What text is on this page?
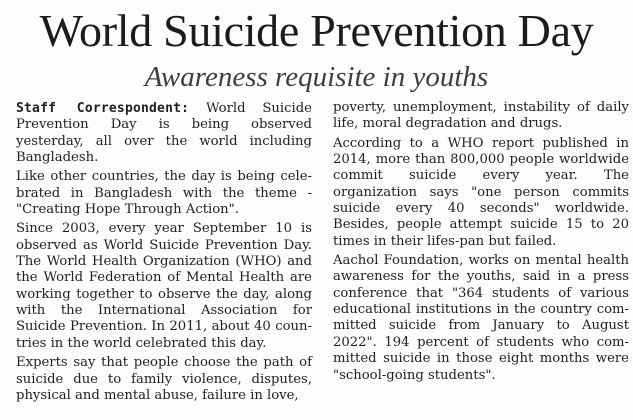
World Suicide Prevention Day
Awareness requisite in youths

Staff Correspondent: World Suicide Prevention Day is being observed yesterday, all over the world including Bangladesh.

Like other countries, the day is being cele-brated in Bangladesh with the theme - "Creating Hope Through Action".

Since 2003, every year September 10 is observed as World Suicide Prevention Day. The World Health Organization (WHO) and the World Federation of Mental Health are working together to observe the day, along with the International Association for Suicide Prevention. In 2011, about 40 coun-tries in the world celebrated this day.

Experts say that people choose the path of suicide due to family violence, disputes, physical and mental abuse, failure in love,

poverty, unemployment, instability of daily life, moral degradation and drugs.

According to a WHO report published in 2014, more than 800,000 people worldwide commit suicide every year. The organization says "one person commits suicide every 40 seconds" worldwide. Besides, people attempt suicide 15 to 20 times in their lifes-pan but failed.

Aachol Foundation, works on mental health awareness for the youths, said in a press conference that "364 students of various educational institutions in the country com-mitted suicide from January to August 2022". 194 percent of students who com-mitted suicide in those eight months were "school-going students".
